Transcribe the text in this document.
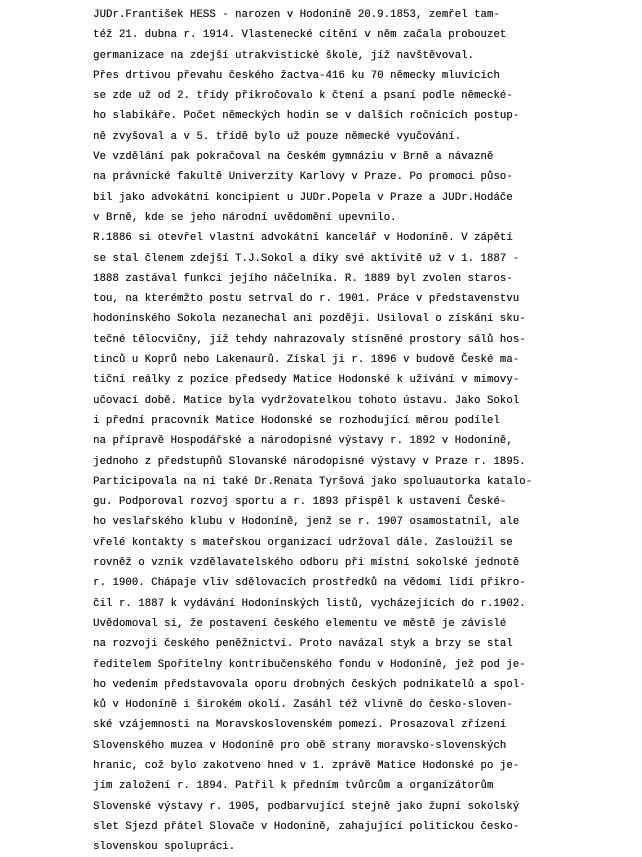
JUDr.František HESS - narozen v Hodoníně 20.9.1853, zemřel tam-
též 21. dubna r. 1914. Vlastenecké cítění v něm začala probouzet
germanizace na zdejší utrakvistické škole, jíž navštěvoval.
Přes drtivou převahu českého žactva-416 ku 70 německy mluvících
se zde už od 2. třídy přikročovalo k čtení a psaní podle německé-
ho slabikáře. Počet německých hodin se v dalších ročnících postup-
ně zvyšoval a v 5. třídě bylo už pouze německé vyučování.
Ve vzdělání pak pokračoval na českém gymnáziu v Brně a návazně
na právnické fakultě Univerzity Karlovy v Praze. Po promoci půso-
bil jako advokátní koncipient u JUDr.Popela v Praze a JUDr.Hodáče
v Brně, kde se jeho národní uvědomění upevnilo.
R.1886 si otevřel vlastní advokátní kancelář v Hodoníně. V zápětí
se stal členem zdejší T.J.Sokol a díky své aktivitě už v 1. 1887 -
1888 zastával funkci jejího náčelníka. R. 1889 byl zvolen staros-
tou, na kterémžto postu setrval do r. 1901. Práce v představenstvu
hodonínského Sokola nezanechal ani později. Usiloval o získání sku-
tečné tělocvičny, jíž tehdy nahrazovaly stísněné prostory sálů hos-
tinců u Koprů nebo Lakenaurů. Získal ji r. 1896 v budově České ma-
tiční reálky z pozice předsedy Matice Hodonské k užívání v mimovy-
učovací době. Matice byla vydržovatelkou tohoto ústavu. Jako Sokol
i přední pracovník Matice Hodonské se rozhodující měrou podílel
na přípravě Hospodářské a národopisné výstavy r. 1892 v Hodoníně,
jednoho z předstupňů Slovanské národopisné výstavy v Praze r. 1895.
Participovala na ní také Dr.Renata Tyršová jako spoluautorka katalo-
gu. Podporoval rozvoj sportu a r. 1893 přispěl k ustavení České-
ho veslařského klubu v Hodoníně, jenž se r. 1907 osamostatnil, ale
vřelé kontakty s mateřskou organizací udržoval dále. Zasloužil se
rovněž o vznik vzdělavatelského odboru při místní sokolské jednotě
r. 1900. Chápaje vliv sdělovacích prostředků na vědomí lidí přikro-
čil r. 1887 k vydávání Hodonínských listů, vycházejících do r.1902.
Uvědomoval si, že postavení českého elementu ve městě je závislé
na rozvoji českého peněžnictví. Proto navázal styk a brzy se stal
ředitelem Spořitelny kontribučenského fondu v Hodoníně, jež pod je-
ho vedením představovala oporu drobných českých podnikatelů a spol-
ků v Hodoníně i širokém okolí. Zasáhl též vlivně do česko-sloven-
ské vzájemnosti na Moravskoslovenském pomezí. Prosazoval zřízení
Slovenského muzea v Hodoníně pro obě strany moravsko-slovenských
hranic, což bylo zakotveno hned v 1. zprávě Matice Hodonské po je-
jím založení r. 1894. Patřil k předním tvůrcům a organizátorům
Slovenské výstavy r. 1905, podbarvující stejně jako župní sokolský
slet Sjezd přátel Slovače v Hodoníně, zahajující politickou česko-
slovenskou spolupráci.
